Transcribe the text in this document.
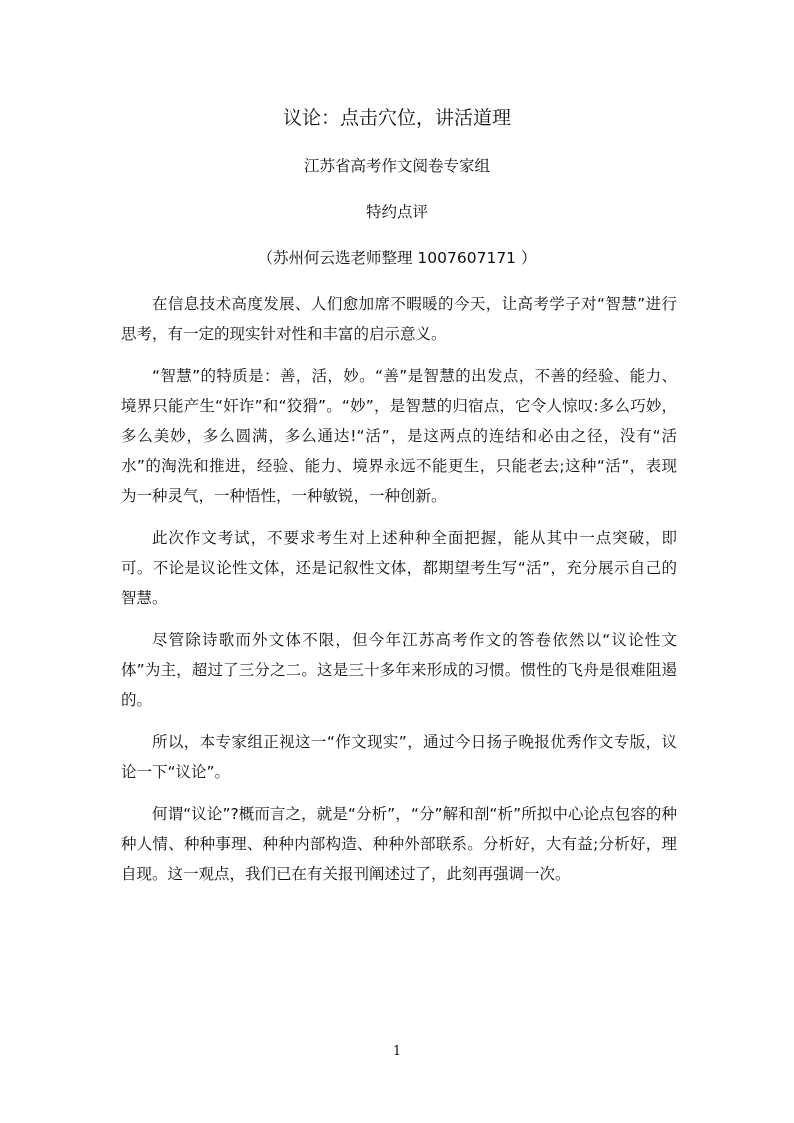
议论：点击穴位，讲活道理

江苏省高考作文阅卷专家组

特约点评

（苏州何云选老师整理 1007607171 ）

在信息技术高度发展、人们愈加席不暇暖的今天，让高考学子对“智慧”进行思考，有一定的现实针对性和丰富的启示意义。

“智慧”的特质是：善，活，妙。“善”是智慧的出发点，不善的经验、能力、境界只能产生“奸诈”和“狡猾”。“妙”，是智慧的归宿点，它令人惊叹:多么巧妙，多么美妙，多么圆满，多么通达!“活”，是这两点的连结和必由之径，没有“活水”的淘洗和推进，经验、能力、境界永远不能更生，只能老去;这种“活”，表现为一种灵气，一种悟性，一种敏锐，一种创新。

此次作文考试，不要求考生对上述种种全面把握，能从其中一点突破，即可。不论是议论性文体，还是记叙性文体，都期望考生写“活”，充分展示自己的智慧。

尽管除诗歌而外文体不限，但今年江苏高考作文的答卷依然以“议论性文体”为主，超过了三分之二。这是三十多年来形成的习惯。惯性的飞舟是很难阻遏的。

所以，本专家组正视这一“作文现实”，通过今日扬子晚报优秀作文专版，议论一下“议论”。

何谓“议论”?概而言之，就是“分析”，“分”解和剖“析”所拟中心论点包容的种种人情、种种事理、种种内部构造、种种外部联系。分析好，大有益;分析好，理自现。这一观点，我们已在有关报刊阐述过了，此刻再强调一次。

1
